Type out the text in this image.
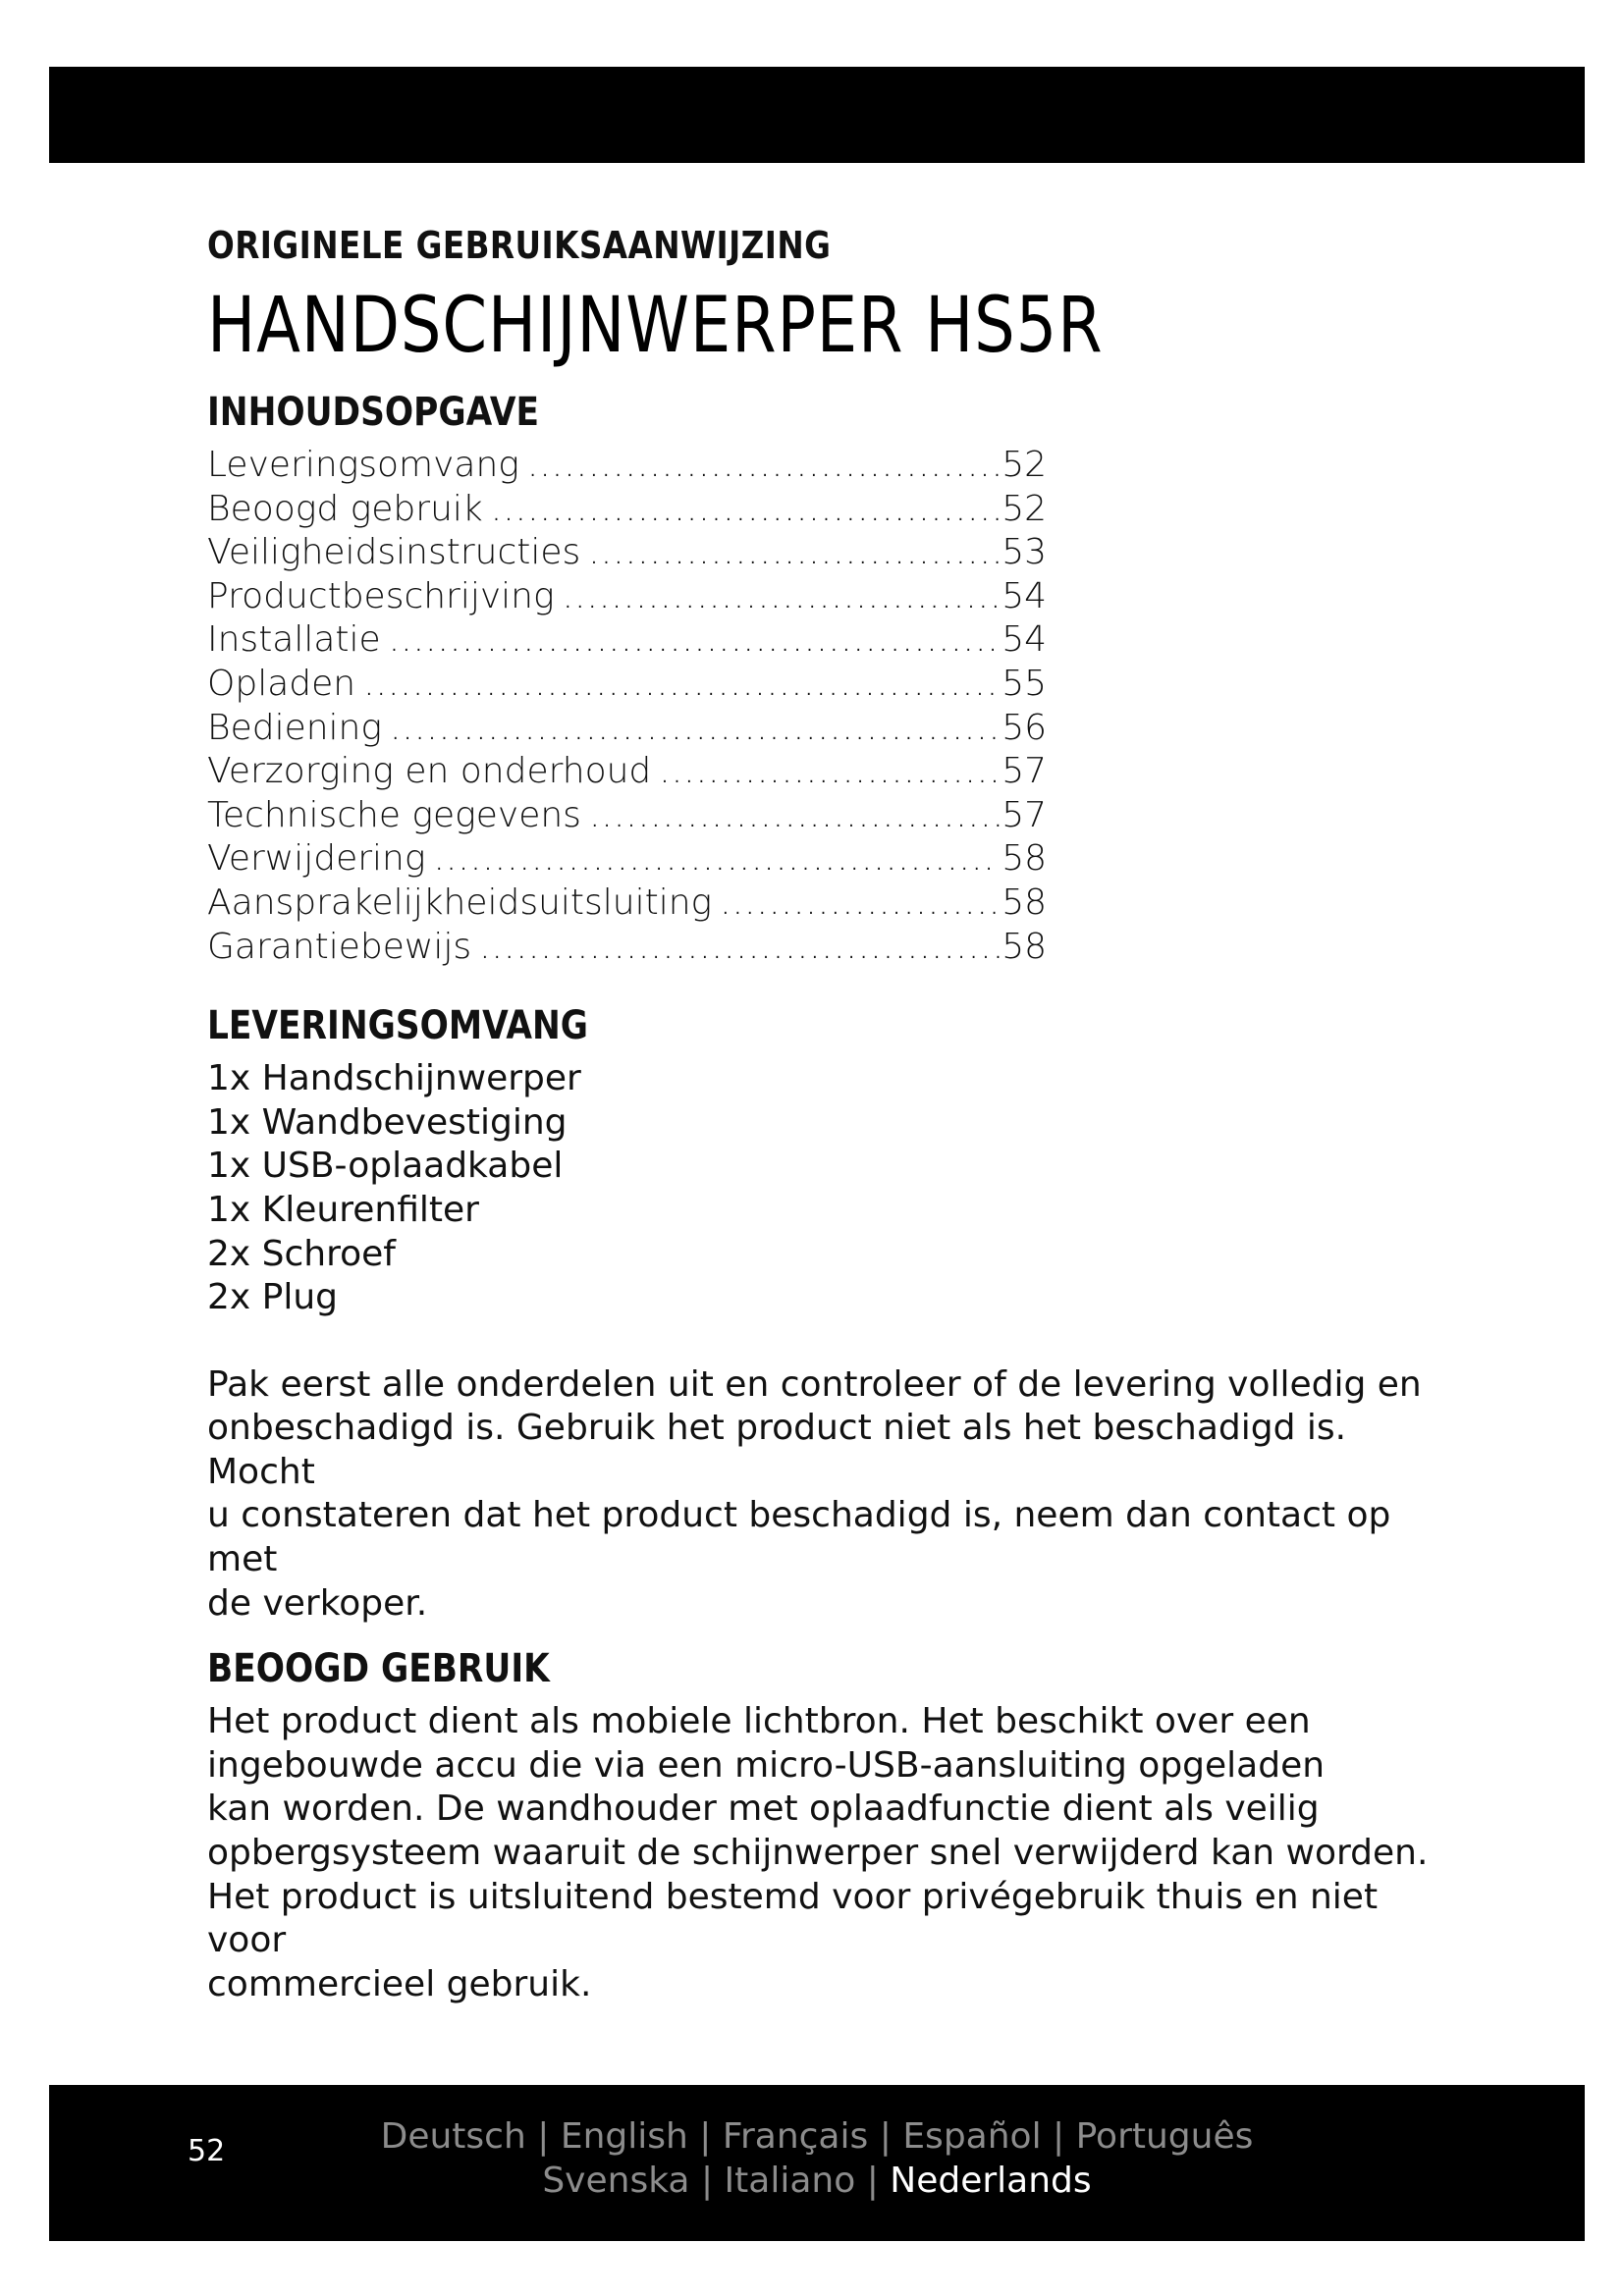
ORIGINELE GEBRUIKSAANWIJZING
HANDSCHIJNWERPER HS5R
INHOUDSOPGAVE
Leveringsomvang .....	52
Beoogd gebruik .....	52
Veiligheidsinstructies .....	53
Productbeschrijving .....	54
Installatie .....	54
Opladen .....	55
Bediening .....	56
Verzorging en onderhoud .....	57
Technische gegevens .....	57
Verwijdering .....	58
Aansprakelijkheidsuitsluiting .....	58
Garantiebewijs .....	58
LEVERINGSOMVANG
1x Handschijnwerper
1x Wandbevestiging
1x USB-oplaadkabel
1x Kleurenfilter
2x Schroef
2x Plug

Pak eerst alle onderdelen uit en controleer of de levering volledig en
onbeschadigd is. Gebruik het product niet als het beschadigd is. Mocht
u constateren dat het product beschadigd is, neem dan contact op met
de verkoper.

BEOOGD GEBRUIK

Het product dient als mobiele lichtbron. Het beschikt over een
ingebouwde accu die via een micro-USB-aansluiting opgeladen
kan worden. De wandhouder met oplaadfunctie dient als veilig
opbergsysteem waaruit de schijnwerper snel verwijderd kan worden.
Het product is uitsluitend bestemd voor privégebruik thuis en niet voor
commercieel gebruik.

52	Deutsch | English | Français | Español | Português
Svenska | Italiano | Nederlands
